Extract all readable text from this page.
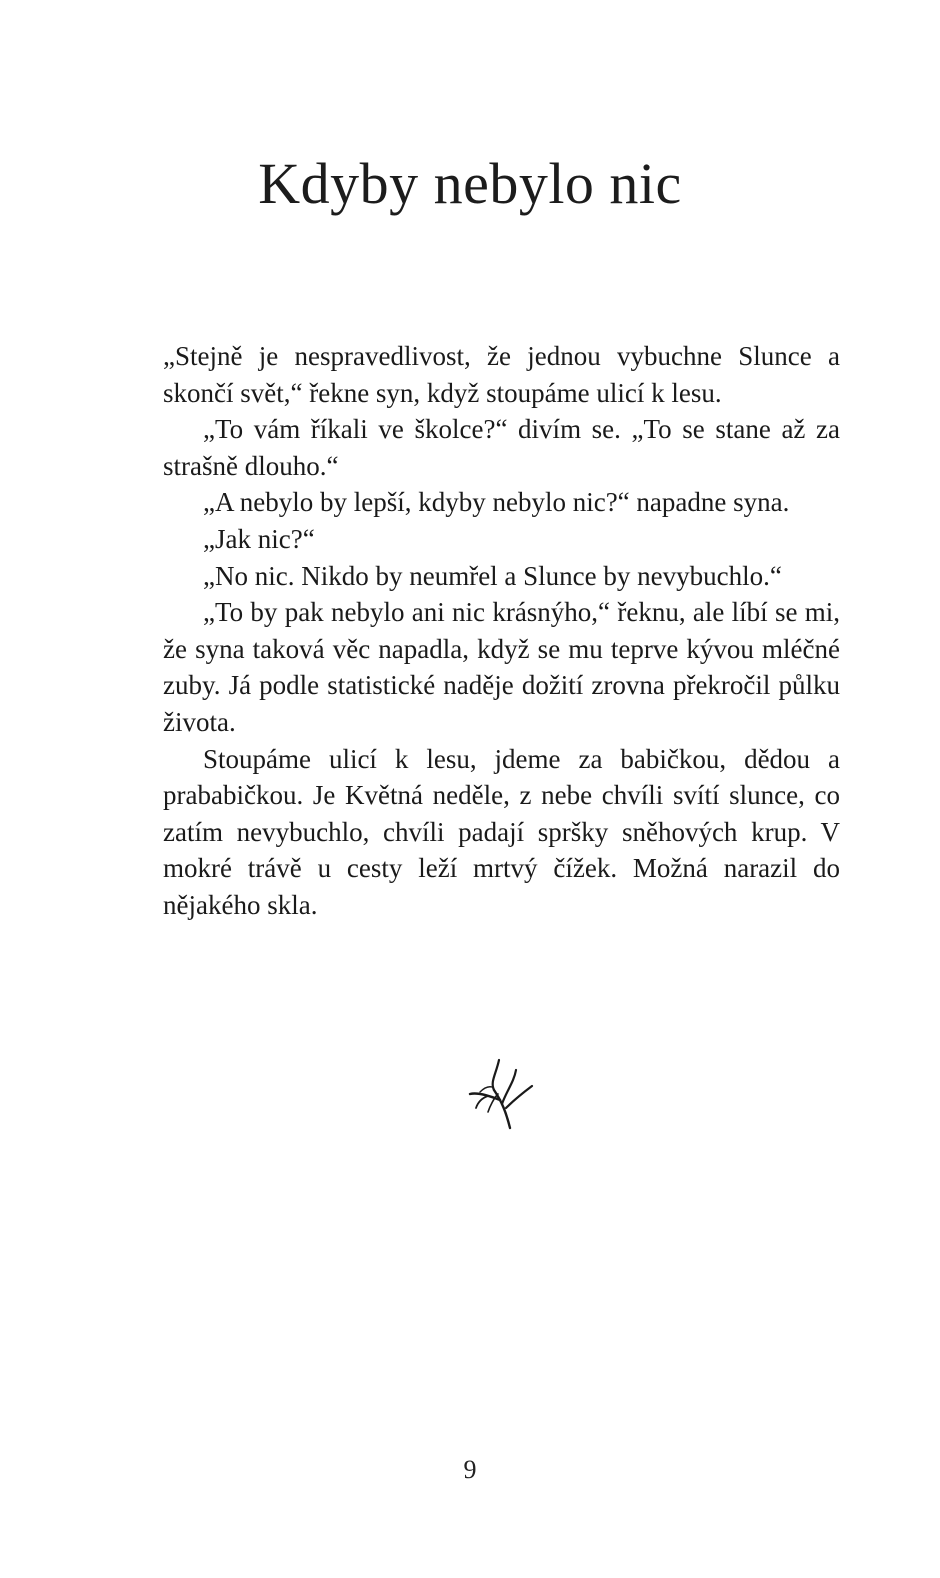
Kdyby nebylo nic

„Stejně je nespravedlivost, že jednou vybuchne Slunce a skončí svět,“ řekne syn, když stoupáme ulicí k lesu.

„To vám říkali ve školce?“ divím se. „To se stane až za strašně dlouho.“

„A nebylo by lepší, kdyby nebylo nic?“ napadne syna.

„Jak nic?“

„No nic. Nikdo by neumřel a Slunce by nevybuchlo.“

„To by pak nebylo ani nic krásnýho,“ řeknu, ale líbí se mi, že syna taková věc napadla, když se mu teprve kývou mléčné zuby. Já podle statistické naděje dožití zrovna překročil půlku života.

Stoupáme ulicí k lesu, jdeme za babičkou, dědou a prababičkou. Je Květná neděle, z nebe chvíli svítí slunce, co zatím nevybuchlo, chvíli padají spršky sněhových krup. V mokré trávě u cesty leží mrtvý čížek. Možná narazil do nějakého skla.

9
